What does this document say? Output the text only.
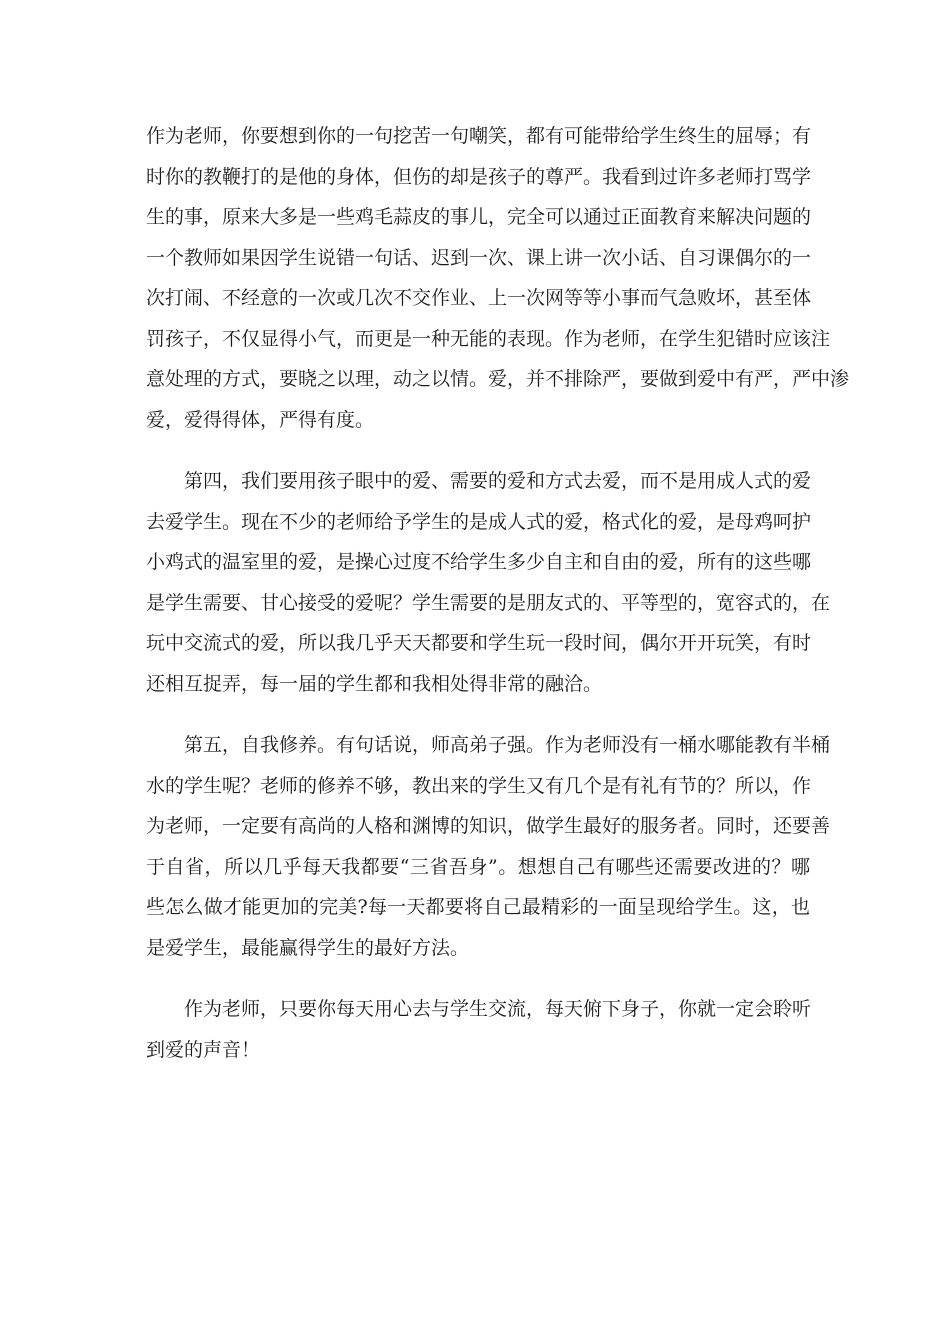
作为老师，你要想到你的一句挖苦一句嘲笑，都有可能带给学生终生的屈辱；有
时你的教鞭打的是他的身体，但伤的却是孩子的尊严。我看到过许多老师打骂学
生的事，原来大多是一些鸡毛蒜皮的事儿，完全可以通过正面教育来解决问题的
一个教师如果因学生说错一句话、迟到一次、课上讲一次小话、自习课偶尔的一
次打闹、不经意的一次或几次不交作业、上一次网等等小事而气急败坏，甚至体
罚孩子，不仅显得小气，而更是一种无能的表现。作为老师，在学生犯错时应该注
意处理的方式，要晓之以理，动之以情。爱，并不排除严，要做到爱中有严，严中渗
爱，爱得得体，严得有度。
　　第四，我们要用孩子眼中的爱、需要的爱和方式去爱，而不是用成人式的爱
去爱学生。现在不少的老师给予学生的是成人式的爱，格式化的爱，是母鸡呵护
小鸡式的温室里的爱，是操心过度不给学生多少自主和自由的爱，所有的这些哪
是学生需要、甘心接受的爱呢？学生需要的是朋友式的、平等型的，宽容式的，在
玩中交流式的爱，所以我几乎天天都要和学生玩一段时间，偶尔开开玩笑，有时
还相互捉弄，每一届的学生都和我相处得非常的融洽。
　　第五，自我修养。有句话说，师高弟子强。作为老师没有一桶水哪能教有半桶
水的学生呢？老师的修养不够，教出来的学生又有几个是有礼有节的？所以，作
为老师，一定要有高尚的人格和渊博的知识，做学生最好的服务者。同时，还要善
于自省，所以几乎每天我都要“三省吾身”。想想自己有哪些还需要改进的？哪
些怎么做才能更加的完美?每一天都要将自己最精彩的一面呈现给学生。这，也
是爱学生，最能赢得学生的最好方法。
　　作为老师，只要你每天用心去与学生交流，每天俯下身子，你就一定会聆听
到爱的声音！
